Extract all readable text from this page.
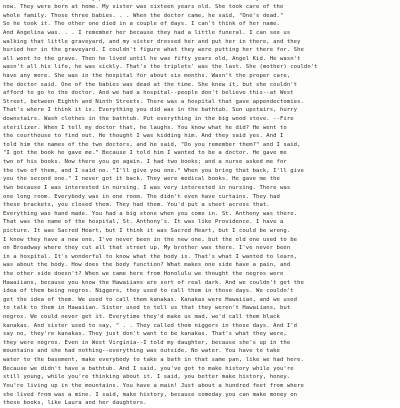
now. They were born at home. My sister was sixteen years old. She took care of the
whole family. Those three babies. . . When the doctor came, he said, "One's dead."
So he took it. The other one died in a couple of days. I can't think of her name.
And Angelina was. . . I remember her because they had a little funeral. I can see us
walking that little graveyard, and my sister dressed her and put her in there, and they
buried her in the graveyard. I couldn't figure what they were putting her there for. She
all went to the grave. Then he lived until he was fifty years old, Angel Kid. He wasn't
wasn't all his life, he was sickly. That's the triplets' was the last. She (mother) couldn't
have any more. She was in the hospital for about six months. Wasn't the proper care,
the doctor said. One of the babies was dead at the time. She knew it, but she couldn't
afford to go to the doctor. And we had a hospital--people don't believe this--at West
Street, between Eighth and Ninth Streets. There was a hospital that gave appendectomies.
That's where I think it is. Everything you did was in the bathtub. Sun upstairs, hurry
downstairs. Wash clothes in the bathtub. Put everything in the big wood stove. --Fire
sterilizer. When I tell my doctor that, he laughs. You know what he did? He went to
the courthouse to find out. He thought I was kidding him. And they said yes. And I
told him the names of the two doctors, and he said, "Do you remember them?" and I said,
"I got the book he gave me." Because I told him I wanted to be a doctor. He gave me
two of his books. Now there you go again. I had two books; and a nurse asked me for
the two of them, and I said no. "I'll give you one." When you bring that back, I'll give
you the second one." I never got it back. They were medical books. He gave me the
two because I was interested in nursing. I was very interested in nursing. There was
one long room. Everybody was in one room. The didn't even have curtains. They had
these brackets, you closed them. They had them. You'd put a sheet across that.
Everything was hand made. You had a big stone when you come in. St. Anthony was there.
That was the name of the hospital, St. Anthony's. It was like Providence. I have a
picture. It was Sacred Heart, but I think it was Sacred Heart, but I could be wrong.
I know they have a new one. I've never been in the new one, but the old one used to be
on Broadway where they cut all that street up. My brother was there. I've never been
in a hospital. It's wonderful to know what the body is. That's what I wanted to learn,
was about the body. How does the body function? What makes one side have a pain, and
the other side doesn't? When we came here from Honolulu we thought the negros were
Hawaiians, because you know the Hawaiians are sort of real dark. And we couldn't get the
idea of them being negros. Niggers, they used to call them in those days. We couldn't
get the idea of them. We used to call them kanakas. Kanakas were Hawaiian, and we used
to talk to them in Hawaiian. Sister used to tell us that they weren't Hawaiians, but
negros. We could never get it. Everytime they'd make us mad, we'd call them black
kanakas. And sister used to say, " . . They called them niggers in those days. And I'd
say no, they're kanakas. They just don't want to be kanakas. That's what they were,
they were negros. Even in West Virginia--I told my daughter, because she's up in the
mountains and she had nothing--everything was outside. No water. You have to take
water to the basement, make everybody to take a bath in that same pan, like we had here.
Because we didn't have a bathtub. And I said, you've got to make history while you're
still young, while you're thinking about it. I said, you better make history, honey.
You're living up in the mountains. You have a main! Just about a hundred feet from where
she lived from was a mine. I said, make history, because someday you can make money on
these books, like Laura and her daughters.
